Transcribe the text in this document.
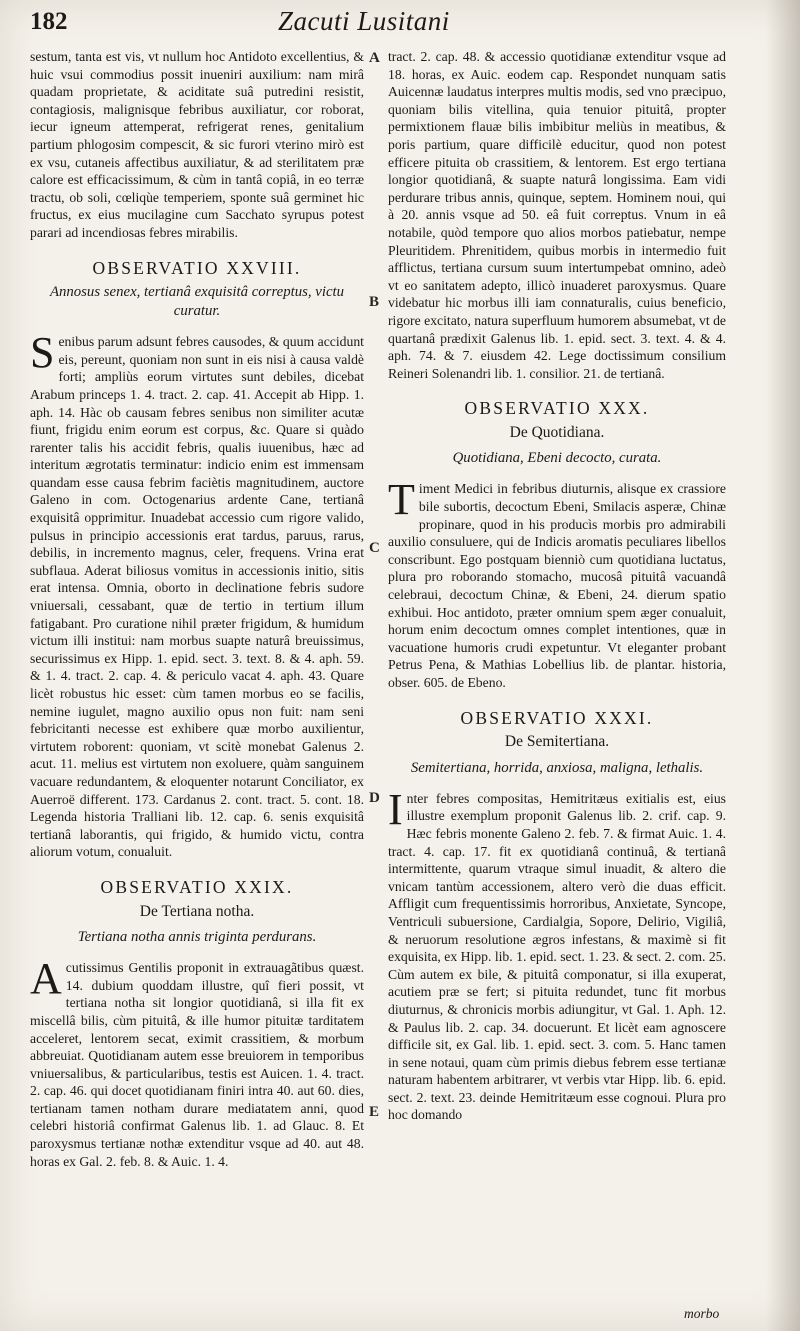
182	Zacuti Lusitani
A
B
C
D
E

sestum, tanta est vis, vt nullum hoc Antidoto excellentius, & huic vsui commodius possit inueniri auxilium: nam mirâ quadam proprietate, & aciditate suâ putredini resistit, contagiosis, malignisque febribus auxiliatur, cor roborat, iecur igneum attemperat, refrigerat renes, genitalium partium phlogosim compescit, & sic furori vterino mirò est ex vsu, cutaneis affectibus auxiliatur, & ad sterilitatem præ calore est efficacissimum, & cùm in tantâ copiâ, in eo terræ tractu, ob soli, cœliqùe temperiem, sponte suâ germinet hic fructus, ex eius mucilagine cum Sacchato syrupus potest parari ad incendiosas febres mirabilis.

OBSERVATIO XXVIII.
Annosus senex, tertianâ exquisitâ correptus, victu curatur.

Senibus parum adsunt febres causodes, & quum accidunt eis, pereunt, quoniam non sunt in eis nisi à causa valdè forti; ampliùs eorum virtutes sunt debiles, dicebat Arabum princeps 1. 4. tract. 2. cap. 41. Accepit ab Hipp. 1. aph. 14. Hàc ob causam febres senibus non similiter acutæ fiunt, frigidu enim eorum est corpus, &c. Quare si quàdo rarenter talis his accidit febris, qualis iuuenibus, hæc ad interitum ægrotatis terminatur: indicio enim est immensam quandam esse causa febrim faciètis magnitudinem, auctore Galeno in com. Octogenarius ardente Cane, tertianâ exquisitâ opprimitur. Inuadebat accessio cum rigore valido, pulsus in principio accessionis erat tardus, paruus, rarus, debilis, in incremento magnus, celer, frequens. Vrina erat subflaua. Aderat biliosus vomitus in accessionis initio, sitis erat intensa. Omnia, oborto in declinatione febris sudore vniuersali, cessabant, quæ de tertio in tertium illum fatigabant. Pro curatione nihil præter frigidum, & humidum victum illi institui: nam morbus suapte naturâ breuissimus, securissimus ex Hipp. 1. epid. sect. 3. text. 8. & 4. aph. 59. & 1. 4. tract. 2. cap. 4. & periculo vacat 4. aph. 43. Quare licèt robustus hic esset: cùm tamen morbus eo se facilis, nemine iugulet, magno auxilio opus non fuit: nam seni febricitanti necesse est exhibere quæ morbo auxilientur, virtutem roborent: quoniam, vt scitè monebat Galenus 2. acut. 11. melius est virtutem non exoluere, quàm sanguinem vacuare redundantem, & eloquenter notarunt Conciliator, ex Auerroë different. 173. Cardanus 2. cont. tract. 5. cont. 18. Legenda historia Tralliani lib. 12. cap. 6. senis exquisitâ tertianâ laborantis, qui frigido, & humido victu, contra aliorum votum, conualuit.

OBSERVATIO XXIX.
De Tertiana notha.
Tertiana notha annis triginta perdurans.

Acutissimus Gentilis proponit in extrauagãtibus quæst. 14. dubium quoddam illustre, quî fieri possit, vt tertiana notha sit longior quotidianâ, si illa fit ex miscellâ bilis, cùm pituitâ, & ille humor pituitæ tarditatem acceleret, lentorem secat, eximit crassitiem, & morbum abbreuiat. Quotidianam autem esse breuiorem in temporibus vniuersalibus, & particularibus, testis est Auicen. 1. 4. tract. 2. cap. 46. qui docet quotidianam finiri intra 40. aut 60. dies, tertianam tamen notham durare mediatatem anni, quod celebri historiâ confirmat Galenus lib. 1. ad Glauc. 8. Et paroxysmus tertianæ nothæ extenditur vsque ad 40. aut 48. horas ex Gal. 2. feb. 8. & Auic. 1. 4.

tract. 2. cap. 48. & accessio quotidianæ extenditur vsque ad 18. horas, ex Auic. eodem cap. Respondet nunquam satis Auicennæ laudatus interpres multis modis, sed vno præcipuo, quoniam bilis vitellina, quia tenuior pituitâ, propter permixtionem flauæ bilis imbibitur meliùs in meatibus, & poris partium, quare difficilè educitur, quod non potest efficere pituita ob crassitiem, & lentorem. Est ergo tertiana longior quotidianâ, & suapte naturâ longissima. Eam vidi perdurare tribus annis, quinque, septem. Hominem noui, qui à 20. annis vsque ad 50. eâ fuit correptus. Vnum in eâ notabile, quòd tempore quo alios morbos patiebatur, nempe Pleuritidem. Phrenitidem, quibus morbis in intermedio fuit afflictus, tertiana cursum suum intertumpebat omnino, adeò vt eo sanitatem adepto, illicò inuaderet paroxysmus. Quare videbatur hic morbus illi iam connaturalis, cuius beneficio, rigore excitato, natura superfluum humorem absumebat, vt de quartanâ prædixit Galenus lib. 1. epid. sect. 3. text. 4. & 4. aph. 74. & 7. eiusdem 42. Lege doctissimum consilium Reineri Solenandri lib. 1. consilior. 21. de tertianâ.

OBSERVATIO XXX.
De Quotidiana.
Quotidiana, Ebeni decocto, curata.

Timent Medici in febribus diuturnis, alisque ex crassiore bile subortis, decoctum Ebeni, Smilacis asperæ, Chinæ propinare, quod in his producìs morbis pro admirabili auxilio consuluere, qui de Indicis aromatis peculiares libellos conscribunt. Ego postquam bienniò cum quotidiana luctatus, plura pro roborando stomacho, mucosâ pituitâ vacuandâ celebraui, decoctum Chinæ, & Ebeni, 24. dierum spatio exhibui. Hoc antidoto, præter omnium spem æger conualuit, horum enim decoctum omnes complet intentiones, quæ in vacuatione humoris crudi expetuntur. Vt eleganter probant Petrus Pena, & Mathias Lobellius lib. de plantar. historia, obser. 605. de Ebeno.

OBSERVATIO XXXI.
De Semitertiana.
Semitertiana, horrida, anxiosa, maligna, lethalis.

Inter febres compositas, Hemitritæus exitialis est, eius illustre exemplum proponit Galenus lib. 2. crif. cap. 9. Hæc febris monente Galeno 2. feb. 7. & firmat Auic. 1. 4. tract. 4. cap. 17. fit ex quotidianâ continuâ, & tertianâ intermittente, quarum vtraque simul inuadit, & altero die vnicam tantùm accessionem, altero verò die duas efficit. Affligit cum frequentissimis horroribus, Anxietate, Syncope, Ventriculi subuersione, Cardialgia, Sopore, Delirio, Vigiliâ, & neruorum resolutione ægros infestans, & maximè si fit exquisita, ex Hipp. lib. 1. epid. sect. 1. 23. & sect. 2. com. 25. Cùm autem ex bile, & pituitâ componatur, si illa exuperat, acutiem præ se fert; si pituita redundet, tunc fit morbus diuturnus, & chronicis morbis adiungitur, vt Gal. 1. Aph. 12. & Paulus lib. 2. cap. 34. docuerunt. Et licèt eam agnoscere difficile sit, ex Gal. lib. 1. epid. sect. 3. com. 5. Hanc tamen in sene notaui, quam cùm primis diebus febrem esse tertianæ naturam habentem arbitrarer, vt verbis vtar Hipp. lib. 6. epid. sect. 2. text. 23. deinde Hemitritæum esse cognoui. Plura pro hoc domando

morbo
